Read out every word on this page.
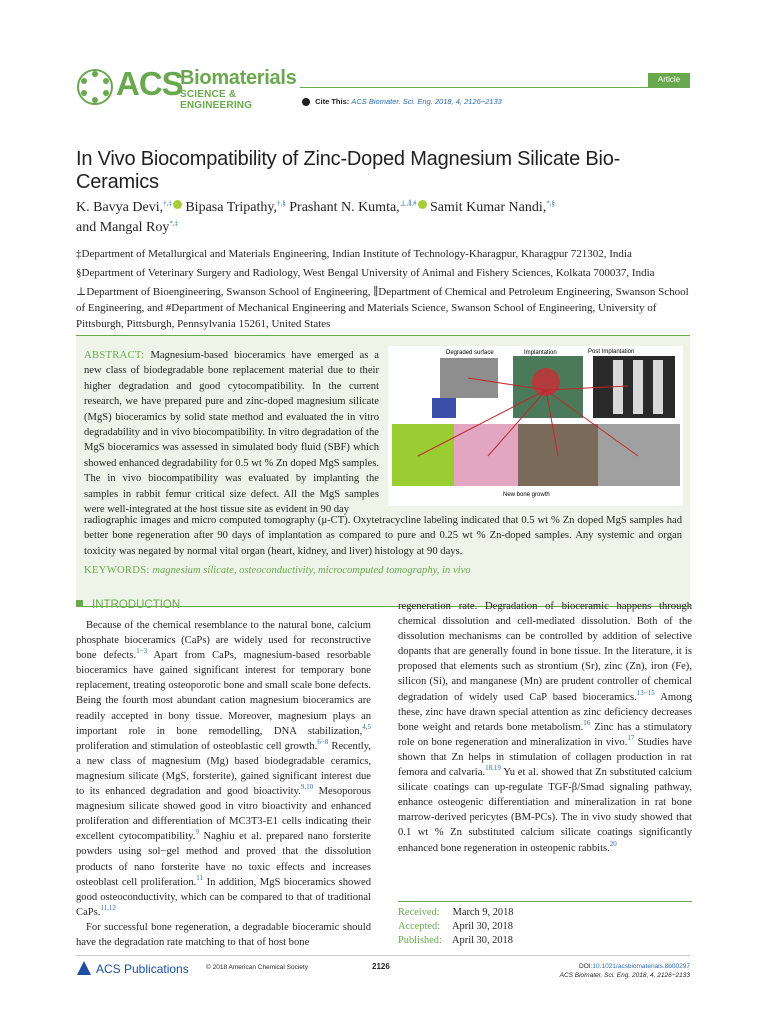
ACS
Biomaterials
SCIENCE & ENGINEERING
Article
Cite This: ACS Biomater. Sci. Eng. 2018, 4, 2126−2133
In Vivo Biocompatibility of Zinc-Doped Magnesium Silicate Bio-Ceramics
K. Bavya Devi,†,‡ Bipasa Tripathy,†,§ Prashant N. Kumta,⊥,∥,# Samit Kumar Nandi,*,§
and Mangal Roy*,‡

‡Department of Metallurgical and Materials Engineering, Indian Institute of Technology-Kharagpur, Kharagpur 721302, India

§Department of Veterinary Surgery and Radiology, West Bengal University of Animal and Fishery Sciences, Kolkata 700037, India

⊥Department of Bioengineering, Swanson School of Engineering, ∥Department of Chemical and Petroleum Engineering, Swanson School of Engineering, and #Department of Mechanical Engineering and Materials Science, Swanson School of Engineering, University of Pittsburgh, Pittsburgh, Pennsylvania 15261, United States

ABSTRACT: Magnesium-based bioceramics have emerged as a new class of biodegradable bone replacement material due to their higher degradation and good cytocompatibility. In the current research, we have prepared pure and zinc-doped magnesium silicate (MgS) bioceramics by solid state method and evaluated the in vitro degradability and in vivo biocompatibility. In vitro degradation of the MgS bioceramics was assessed in simulated body fluid (SBF) which showed enhanced degradability for 0.5 wt % Zn doped MgS samples. The in vivo biocompatibility was evaluated by implanting the samples in rabbit femur critical size defect. All the MgS samples were well-integrated at the host tissue site as evident in 90 day
Degraded surface	Implantation	Post Implantation
New bone growth
radiographic images and micro computed tomography (μ-CT). Oxytetracycline labeling indicated that 0.5 wt % Zn doped MgS samples had better bone regeneration after 90 days of implantation as compared to pure and 0.25 wt % Zn-doped samples. Any systemic and organ toxicity was negated by normal vital organ (heart, kidney, and liver) histology at 90 days.
KEYWORDS: magnesium silicate, osteoconductivity, microcomputed tomography, in vivo
INTRODUCTION

Because of the chemical resemblance to the natural bone, calcium phosphate bioceramics (CaPs) are widely used for reconstructive bone defects.$^{1-3}$ Apart from CaPs, magnesium-based resorbable bioceramics have gained significant interest for temporary bone replacement, treating osteoporotic bone and small scale bone defects. Being the fourth most abundant cation magnesium bioceramics are readily accepted in bony tissue. Moreover, magnesium plays an important role in bone remodelling, DNA stabilization,$^{4,5}$ proliferation and stimulation of osteoblastic cell growth.$^{6-8}$ Recently, a new class of magnesium (Mg) based biodegradable ceramics, magnesium silicate (MgS, forsterite), gained significant interest due to its enhanced degradation and good bioactivity.$^{9,10}$ Mesoporous magnesium silicate showed good in vitro bioactivity and enhanced proliferation and differentiation of MC3T3-E1 cells indicating their excellent cytocompatibility.$^9$ Naghiu et al. prepared nano forsterite powders using sol−gel method and proved that the dissolution products of nano forsterite have no toxic effects and increases osteoblast cell proliferation.$^{11}$ In addition, MgS bioceramics showed good osteoconductivity, which can be compared to that of traditional CaPs.$^{11,12}$

For successful bone regeneration, a degradable bioceramic should have the degradation rate matching to that of host bone

regeneration rate. Degradation of bioceramic happens through chemical dissolution and cell-mediated dissolution. Both of the dissolution mechanisms can be controlled by addition of selective dopants that are generally found in bone tissue. In the literature, it is proposed that elements such as strontium (Sr), zinc (Zn), iron (Fe), silicon (Si), and manganese (Mn) are prudent controller of chemical degradation of widely used CaP based bioceramics.$^{13-15}$ Among these, zinc have drawn special attention as zinc deficiency decreases bone weight and retards bone metabolism.$^{16}$ Zinc has a stimulatory role on bone regeneration and mineralization in vivo.$^{17}$ Studies have shown that Zn helps in stimulation of collagen production in rat femora and calvaria.$^{18,19}$ Yu et al. showed that Zn substituted calcium silicate coatings can up-regulate TGF-β/Smad signaling pathway, enhance osteogenic differentiation and mineralization in rat bone marrow-derived pericytes (BM-PCs). The in vivo study showed that 0.1 wt % Zn substituted calcium silicate coatings significantly enhanced bone regeneration in osteopenic rabbits.$^{20}$

Received: March 9, 2018
Accepted: April 30, 2018
Published: April 30, 2018
ACS Publications	© 2018 American Chemical Society	2126	DOI:10.1021/acsbiomaterials.8b00297
ACS Biomater. Sci. Eng. 2018, 4, 2126−2133
